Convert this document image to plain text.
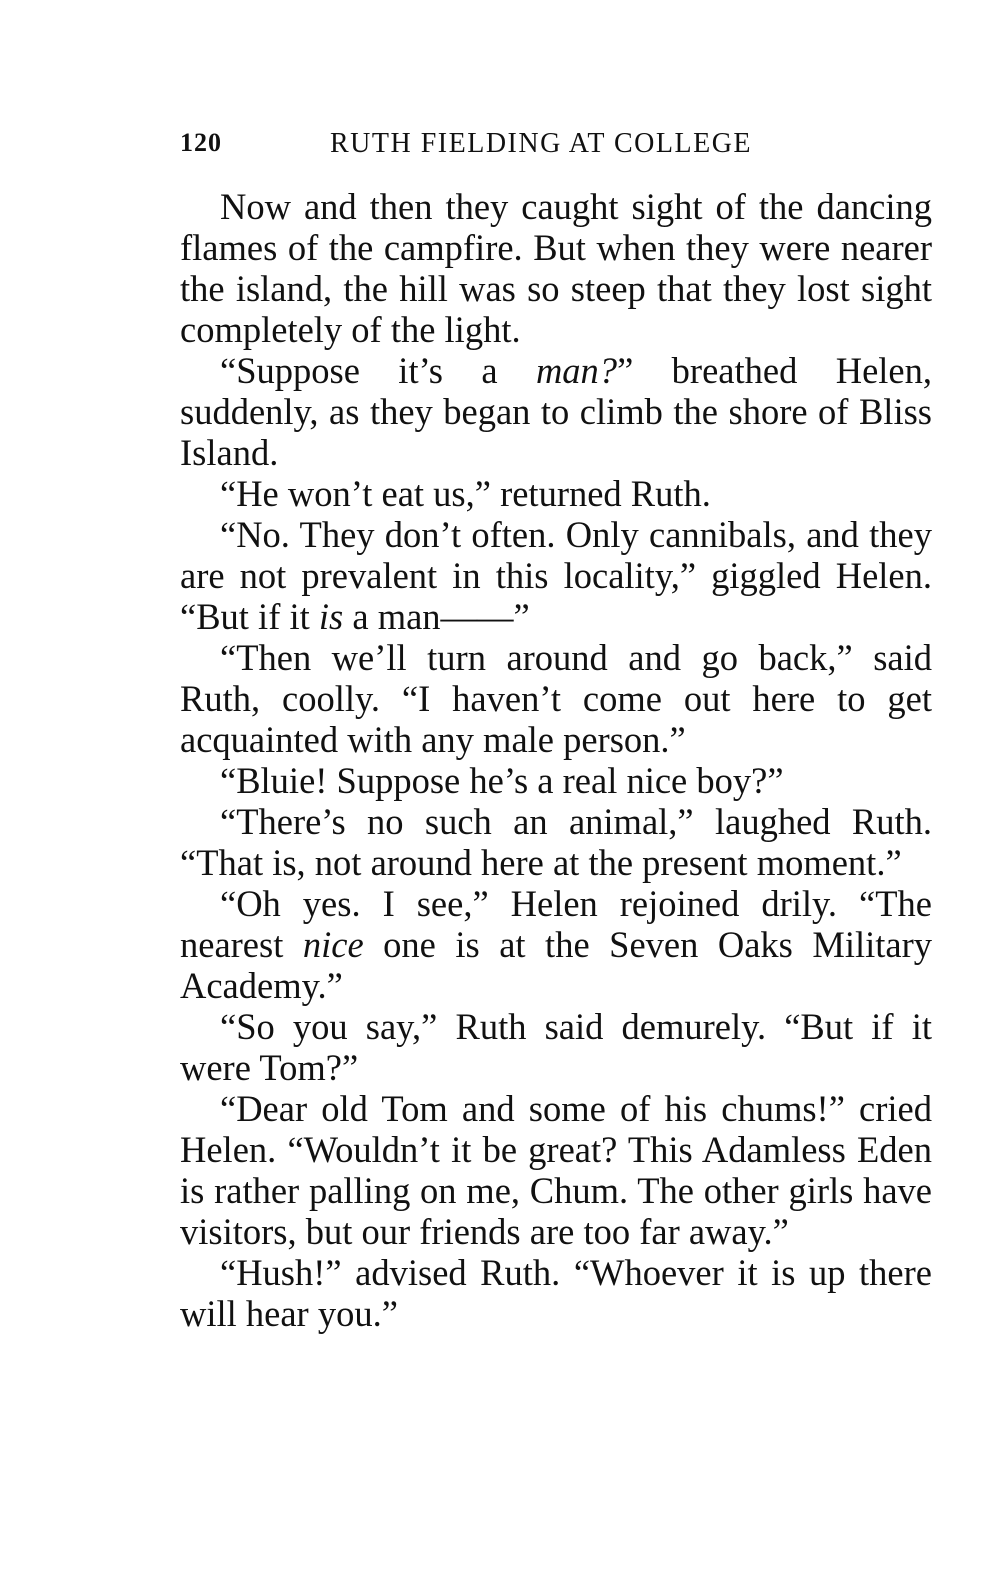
120	RUTH FIELDING AT COLLEGE

Now and then they caught sight of the dancing flames of the campfire. But when they were nearer the island, the hill was so steep that they lost sight completely of the light.

“Suppose it’s a man?” breathed Helen, suddenly, as they began to climb the shore of Bliss Island.

“He won’t eat us,” returned Ruth.

“No. They don’t often. Only cannibals, and they are not prevalent in this locality,” giggled Helen. “But if it is a man——”

“Then we’ll turn around and go back,” said Ruth, coolly. “I haven’t come out here to get acquainted with any male person.”

“Bluie! Suppose he’s a real nice boy?”

“There’s no such an animal,” laughed Ruth. “That is, not around here at the present moment.”

“Oh yes. I see,” Helen rejoined drily. “The nearest nice one is at the Seven Oaks Military Academy.”

“So you say,” Ruth said demurely. “But if it were Tom?”

“Dear old Tom and some of his chums!” cried Helen. “Wouldn’t it be great? This Adamless Eden is rather palling on me, Chum. The other girls have visitors, but our friends are too far away.”

“Hush!” advised Ruth. “Whoever it is up there will hear you.”
